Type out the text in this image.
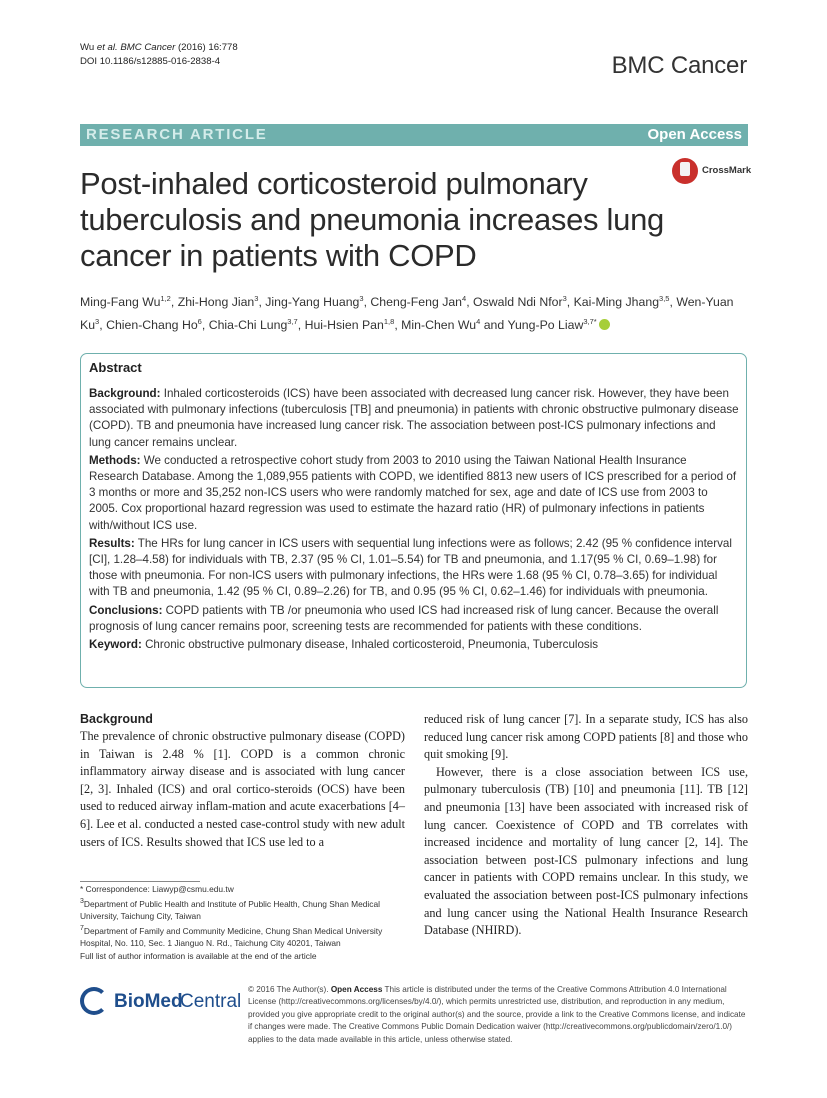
Wu et al. BMC Cancer (2016) 16:778
DOI 10.1186/s12885-016-2838-4	BMC Cancer
RESEARCH ARTICLE	Open Access
CrossMark
Post-inhaled corticosteroid pulmonary tuberculosis and pneumonia increases lung cancer in patients with COPD
Ming-Fang Wu$^{1,2}$, Zhi-Hong Jian$^3$, Jing-Yang Huang$^3$, Cheng-Feng Jan$^4$, Oswald Ndi Nfor$^3$, Kai-Ming Jhang$^{3,5}$, Wen-Yuan Ku$^3$, Chien-Chang Ho$^6$, Chia-Chi Lung$^{3,7}$, Hui-Hsien Pan$^{1,8}$, Min-Chen Wu$^4$ and Yung-Po Liaw$^{3,7*}$
Abstract

Background: Inhaled corticosteroids (ICS) have been associated with decreased lung cancer risk. However, they have been associated with pulmonary infections (tuberculosis [TB] and pneumonia) in patients with chronic obstructive pulmonary disease (COPD). TB and pneumonia have increased lung cancer risk. The association between post-ICS pulmonary infections and lung cancer remains unclear.

Methods: We conducted a retrospective cohort study from 2003 to 2010 using the Taiwan National Health Insurance Research Database. Among the 1,089,955 patients with COPD, we identified 8813 new users of ICS prescribed for a period of 3 months or more and 35,252 non-ICS users who were randomly matched for sex, age and date of ICS use from 2003 to 2005. Cox proportional hazard regression was used to estimate the hazard ratio (HR) of pulmonary infections in patients with/without ICS use.

Results: The HRs for lung cancer in ICS users with sequential lung infections were as follows; 2.42 (95 % confidence interval [CI], 1.28–4.58) for individuals with TB, 2.37 (95 % CI, 1.01–5.54) for TB and pneumonia, and 1.17(95 % CI, 0.69–1.98) for those with pneumonia. For non-ICS users with pulmonary infections, the HRs were 1.68 (95 % CI, 0.78–3.65) for individual with TB and pneumonia, 1.42 (95 % CI, 0.89–2.26) for TB, and 0.95 (95 % CI, 0.62–1.46) for individuals with pneumonia.

Conclusions: COPD patients with TB /or pneumonia who used ICS had increased risk of lung cancer. Because the overall prognosis of lung cancer remains poor, screening tests are recommended for patients with these conditions.

Keyword: Chronic obstructive pulmonary disease, Inhaled corticosteroid, Pneumonia, Tuberculosis

Background

The prevalence of chronic obstructive pulmonary disease (COPD) in Taiwan is 2.48 % [1]. COPD is a common chronic inflammatory airway disease and is associated with lung cancer [2, 3]. Inhaled (ICS) and oral cortico-steroids (OCS) have been used to reduced airway inflam-mation and acute exacerbations [4–6]. Lee et al. conducted a nested case-control study with new adult users of ICS. Results showed that ICS use led to a

reduced risk of lung cancer [7]. In a separate study, ICS has also reduced lung cancer risk among COPD patients [8] and those who quit smoking [9].

However, there is a close association between ICS use, pulmonary tuberculosis (TB) [10] and pneumonia [11]. TB [12] and pneumonia [13] have been associated with increased risk of lung cancer. Coexistence of COPD and TB correlates with increased incidence and mortality of lung cancer [2, 14]. The association between post-ICS pulmonary infections and lung cancer in patients with COPD remains unclear. In this study, we evaluated the association between post-ICS pulmonary infections and lung cancer using the National Health Insurance Research Database (NHIRD).

* Correspondence: Liawyp@csmu.edu.tw

$^3$Department of Public Health and Institute of Public Health, Chung Shan Medical University, Taichung City, Taiwan

$^7$Department of Family and Community Medicine, Chung Shan Medical University Hospital, No. 110, Sec. 1 Jianguo N. Rd., Taichung City 40201, Taiwan

Full list of author information is available at the end of the article

BioMed
Central
© 2016 The Author(s). Open Access This article is distributed under the terms of the Creative Commons Attribution 4.0 International License (http://creativecommons.org/licenses/by/4.0/), which permits unrestricted use, distribution, and reproduction in any medium, provided you give appropriate credit to the original author(s) and the source, provide a link to the Creative Commons license, and indicate if changes were made. The Creative Commons Public Domain Dedication waiver (http://creativecommons.org/publicdomain/zero/1.0/) applies to the data made available in this article, unless otherwise stated.
